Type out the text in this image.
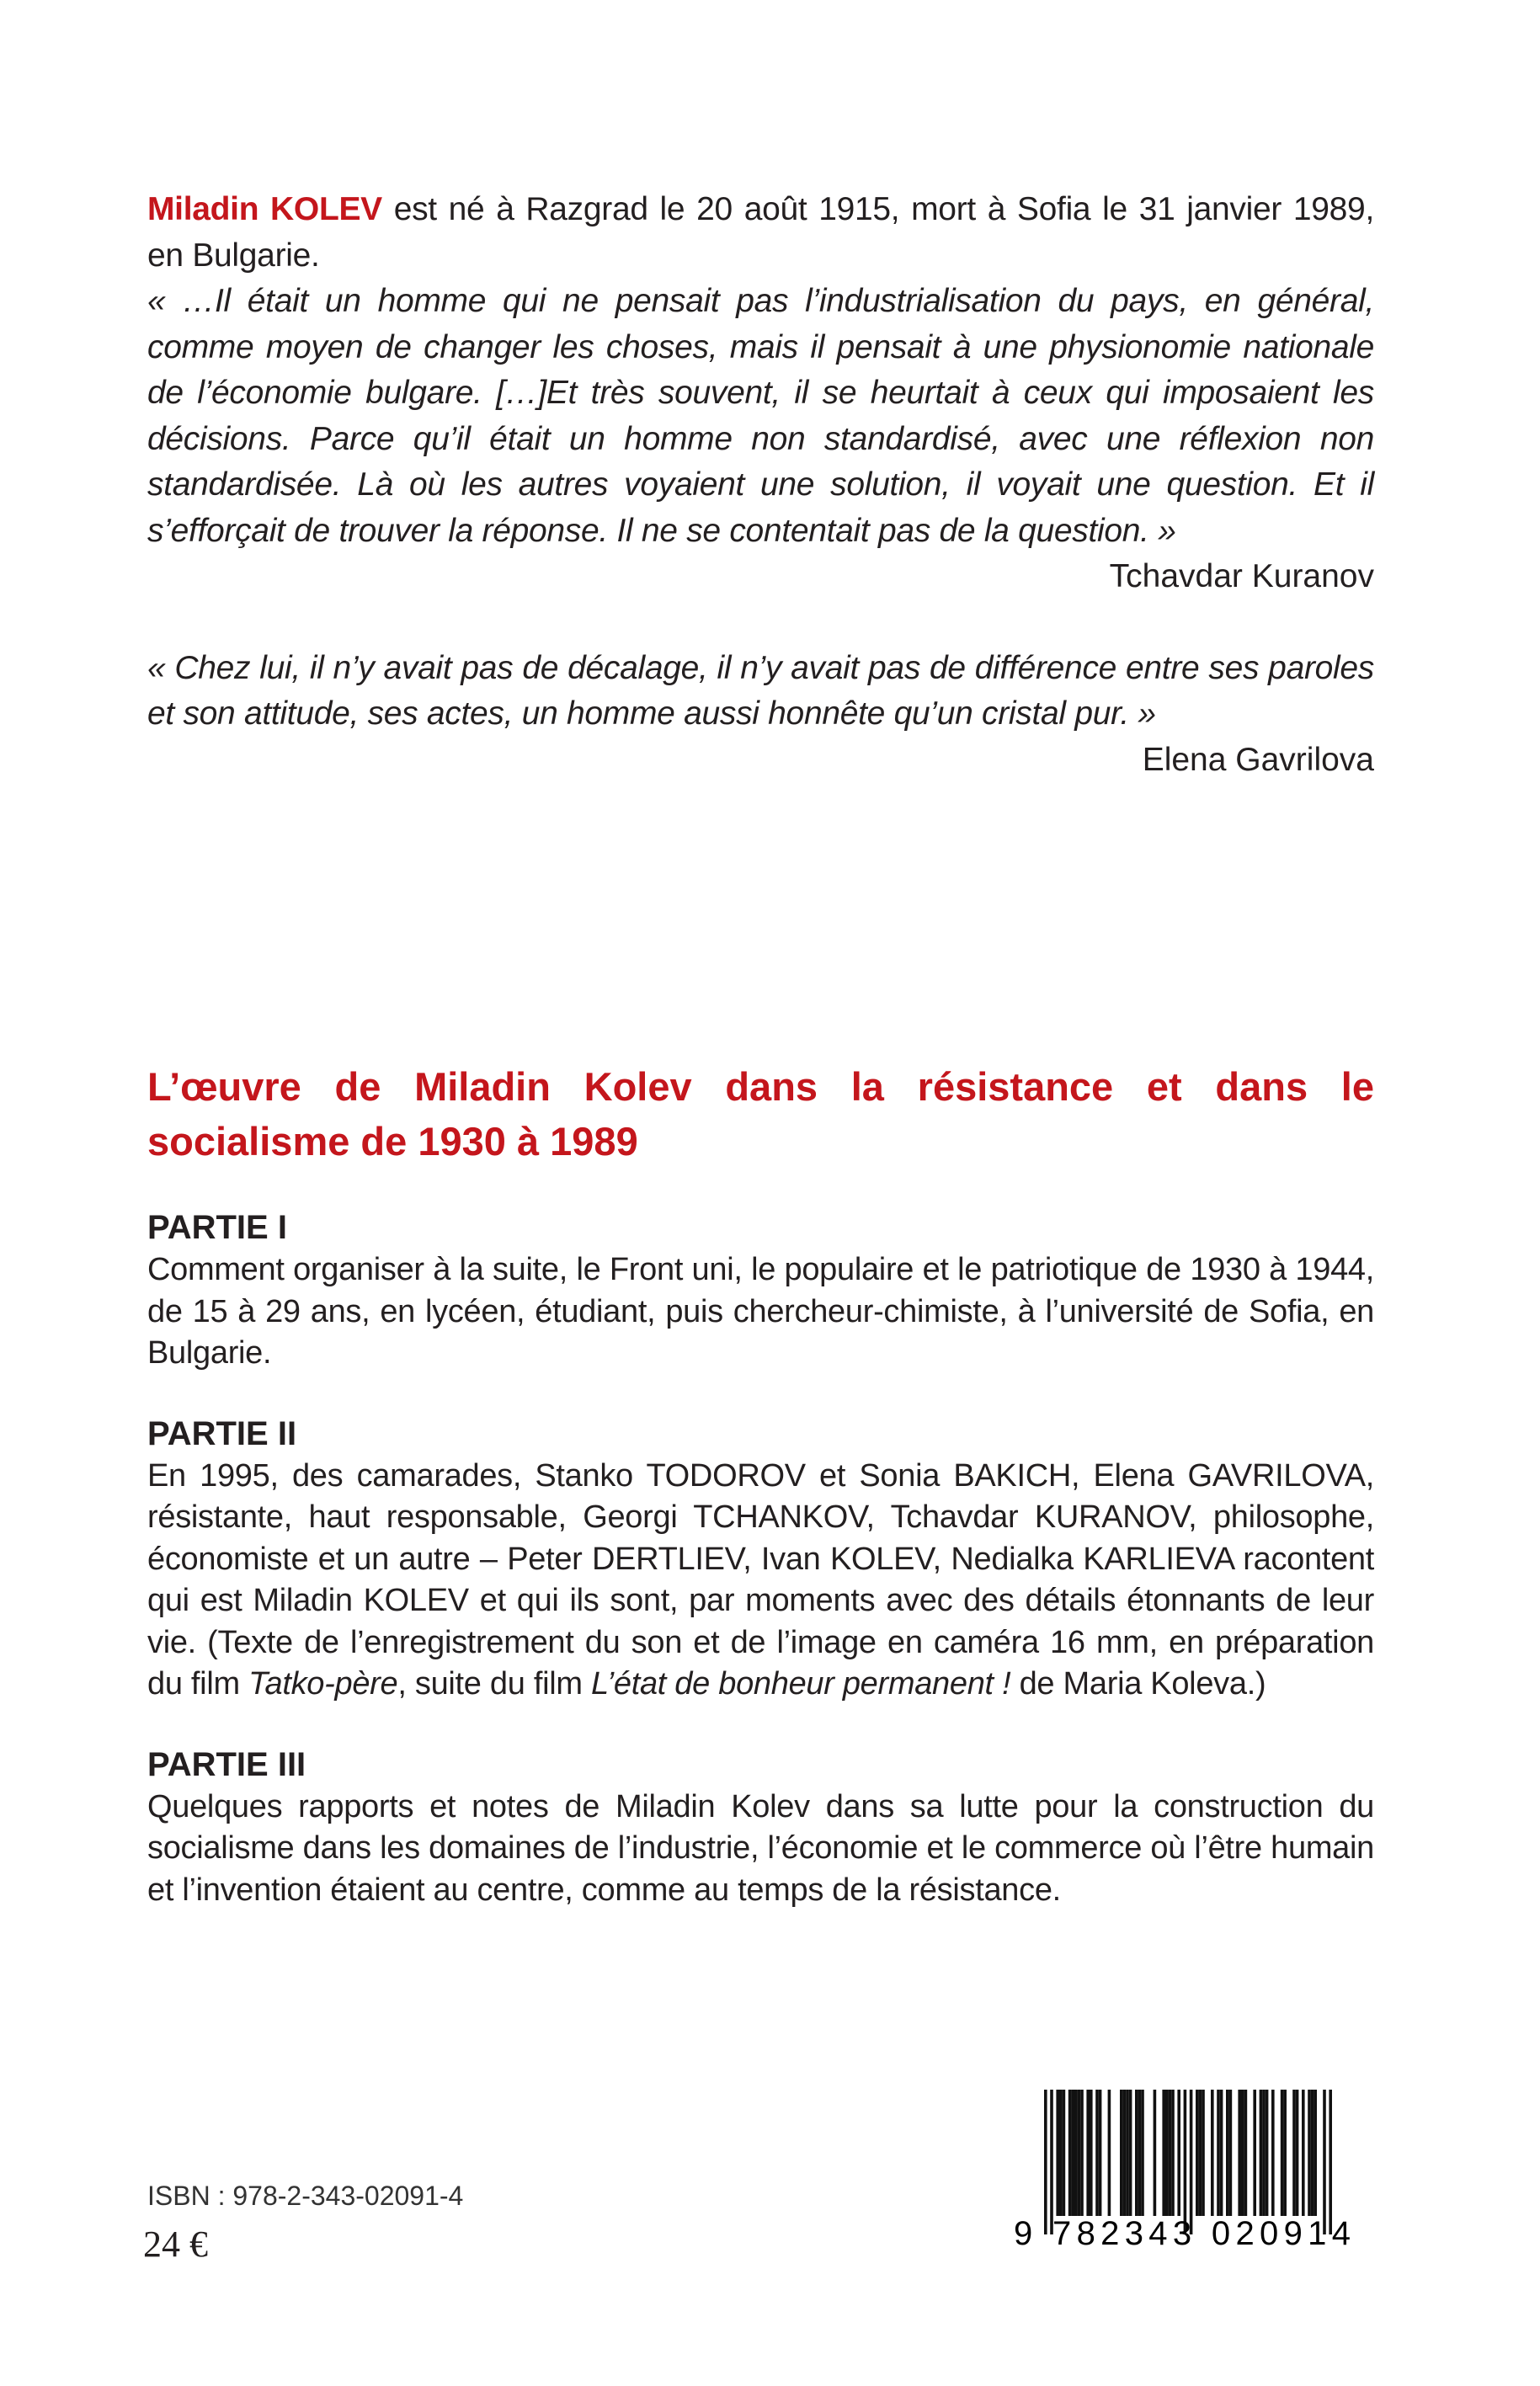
Miladin KOLEV est né à Razgrad le 20 août 1915, mort à Sofia le 31 janvier 1989, en Bulgarie.

« …Il était un homme qui ne pensait pas l’industrialisation du pays, en général, comme moyen de changer les choses, mais il pensait à une physionomie nationale de l’économie bulgare. […]Et très souvent, il se heurtait à ceux qui imposaient les décisions. Parce qu’il était un homme non standardisé, avec une réflexion non standardisée. Là où les autres voyaient une solution, il voyait une question. Et il s’efforçait de trouver la réponse. Il ne se contentait pas de la question. »

Tchavdar Kuranov

« Chez lui, il n’y avait pas de décalage, il n’y avait pas de différence entre ses paroles et son attitude, ses actes, un homme aussi honnête qu’un cristal pur. »

Elena Gavrilova

L’œuvre de Miladin Kolev dans la résistance et dans le socialisme de 1930 à 1989

PARTIE I

Comment organiser à la suite, le Front uni, le populaire et le patriotique de 1930 à 1944, de 15 à 29 ans, en lycéen, étudiant, puis chercheur-chimiste, à l’université de Sofia, en Bulgarie.

PARTIE II

En 1995, des camarades, Stanko TODOROV et Sonia BAKICH, Elena GAVRILOVA, résistante, haut responsable, Georgi TCHANKOV, Tchavdar KURANOV, philosophe, économiste et un autre – Peter DERTLIEV, Ivan KOLEV, Nedialka KARLIEVA racontent qui est Miladin KOLEV et qui ils sont, par moments avec des détails étonnants de leur vie. (Texte de l’enregistrement du son et de l’image en caméra 16 mm, en préparation du film Tatko-père, suite du film L’état de bonheur permanent ! de Maria Koleva.)

PARTIE III

Quelques rapports et notes de Miladin Kolev dans sa lutte pour la construction du socialisme dans les domaines de l’industrie, l’économie et le commerce où l’être humain et l’invention étaient au centre, comme au temps de la résistance.

ISBN : 978-2-343-02091-4
24 €	9 782343 020914
